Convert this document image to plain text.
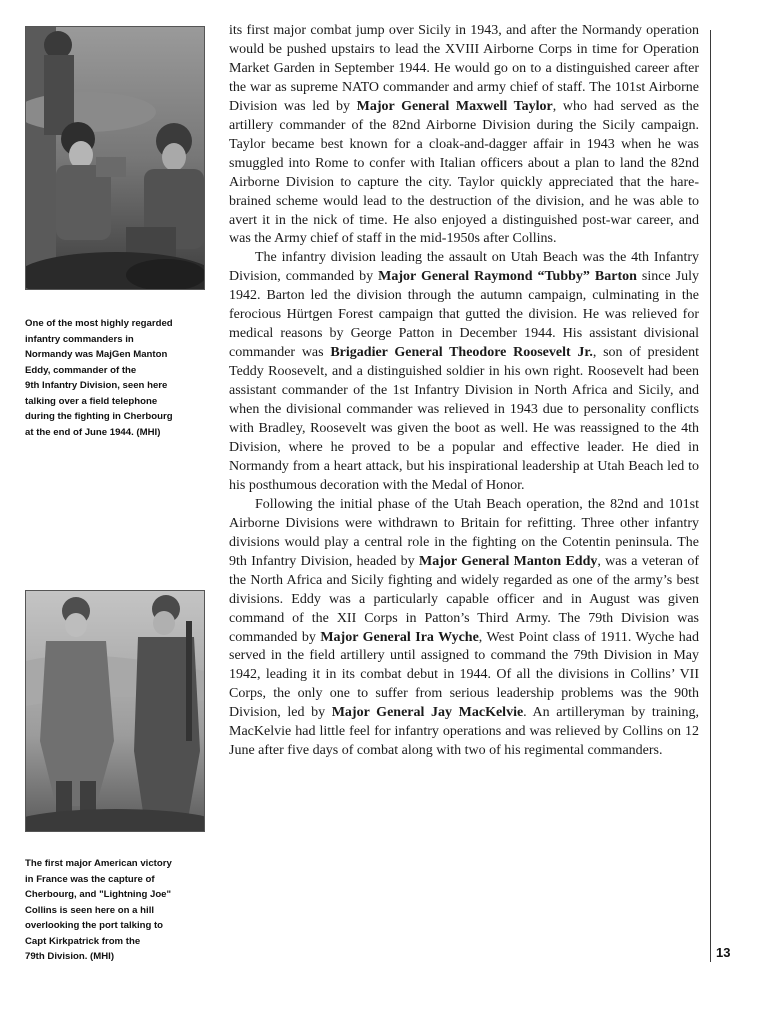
One of the most highly regarded
infantry commanders in
Normandy was MajGen Manton
Eddy, commander of the
9th Infantry Division, seen here
talking over a field telephone
during the fighting in Cherbourg
at the end of June 1944. (MHI)
The first major American victory
in France was the capture of
Cherbourg, and "Lightning Joe"
Collins is seen here on a hill
overlooking the port talking to
Capt Kirkpatrick from the
79th Division. (MHI)

its first major combat jump over Sicily in 1943, and after the Normandy operation would be pushed upstairs to lead the XVIII Airborne Corps in time for Operation Market Garden in September 1944. He would go on to a distinguished career after the war as supreme NATO commander and army chief of staff. The 101st Airborne Division was led by Major General Maxwell Taylor, who had served as the artillery commander of the 82nd Airborne Division during the Sicily campaign. Taylor became best known for a cloak-and-dagger affair in 1943 when he was smuggled into Rome to confer with Italian officers about a plan to land the 82nd Airborne Division to capture the city. Taylor quickly appreciated that the hare-brained scheme would lead to the destruction of the division, and he was able to avert it in the nick of time. He also enjoyed a distinguished post-war career, and was the Army chief of staff in the mid-1950s after Collins.

The infantry division leading the assault on Utah Beach was the 4th Infantry Division, commanded by Major General Raymond “Tubby” Barton since July 1942. Barton led the division through the autumn campaign, culminating in the ferocious Hürtgen Forest campaign that gutted the division. He was relieved for medical reasons by George Patton in December 1944. His assistant divisional commander was Brigadier General Theodore Roosevelt Jr., son of president Teddy Roosevelt, and a distinguished soldier in his own right. Roosevelt had been assistant commander of the 1st Infantry Division in North Africa and Sicily, and when the divisional commander was relieved in 1943 due to personality conflicts with Bradley, Roosevelt was given the boot as well. He was reassigned to the 4th Division, where he proved to be a popular and effective leader. He died in Normandy from a heart attack, but his inspirational leadership at Utah Beach led to his posthumous decoration with the Medal of Honor.

Following the initial phase of the Utah Beach operation, the 82nd and 101st Airborne Divisions were withdrawn to Britain for refitting. Three other infantry divisions would play a central role in the fighting on the Cotentin peninsula. The 9th Infantry Division, headed by Major General Manton Eddy, was a veteran of the North Africa and Sicily fighting and widely regarded as one of the army’s best divisions. Eddy was a particularly capable officer and in August was given command of the XII Corps in Patton’s Third Army. The 79th Division was commanded by Major General Ira Wyche, West Point class of 1911. Wyche had served in the field artillery until assigned to command the 79th Division in May 1942, leading it in its combat debut in 1944. Of all the divisions in Collins’ VII Corps, the only one to suffer from serious leadership problems was the 90th Division, led by Major General Jay MacKelvie. An artilleryman by training, MacKelvie had little feel for infantry operations and was relieved by Collins on 12 June after five days of combat along with two of his regimental commanders.

13
